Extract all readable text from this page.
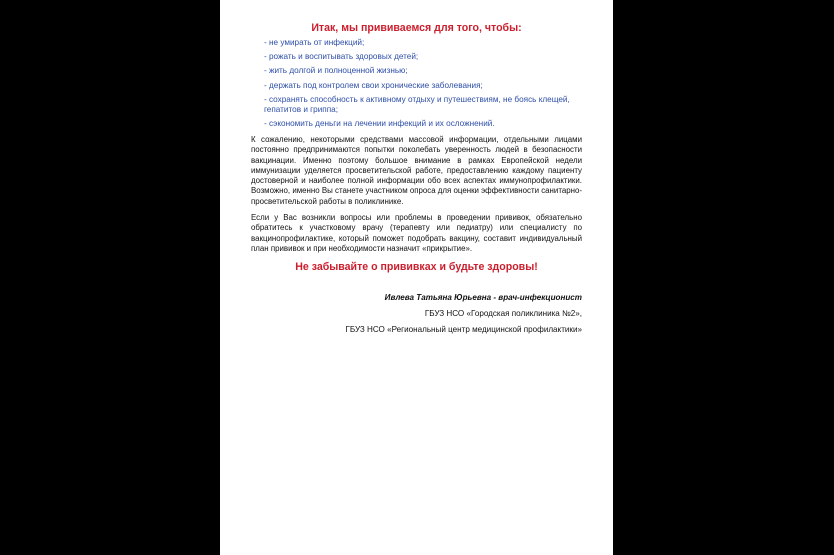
Итак, мы прививаемся для того, чтобы:
- не умирать от инфекций;
- рожать и воспитывать здоровых детей;
- жить долгой и полноценной жизнью;
- держать под контролем свои хронические заболевания;
- сохранять способность к активному отдыху и путешествиям, не боясь клещей, гепатитов и гриппа;
- сэкономить деньги на лечении инфекций и их осложнений.

К сожалению, некоторыми средствами массовой информации, отдельными лицами постоянно предпринимаются попытки поколебать уверенность людей в безопасности вакцинации. Именно поэтому большое внимание в рамках Европейской недели иммунизации уделяется просветительской работе, предоставлению каждому пациенту достоверной и наиболее полной информации обо всех аспектах иммунопрофилактики. Возможно, именно Вы станете участником опроса для оценки эффективности санитарно-просветительской работы в поликлинике.

Если у Вас возникли вопросы или проблемы в проведении прививок, обязательно обратитесь к участковому врачу (терапевту или педиатру) или специалисту по вакцинопрофилактике, который поможет подобрать вакцину, составит индивидуальный план прививок и при необходимости назначит «прикрытие».

Не забывайте о прививках и будьте здоровы!
Ивлева Татьяна Юрьевна - врач-инфекционист
ГБУЗ НСО «Городская поликлиника №2»,
ГБУЗ НСО «Региональный центр медицинской профилактики»
